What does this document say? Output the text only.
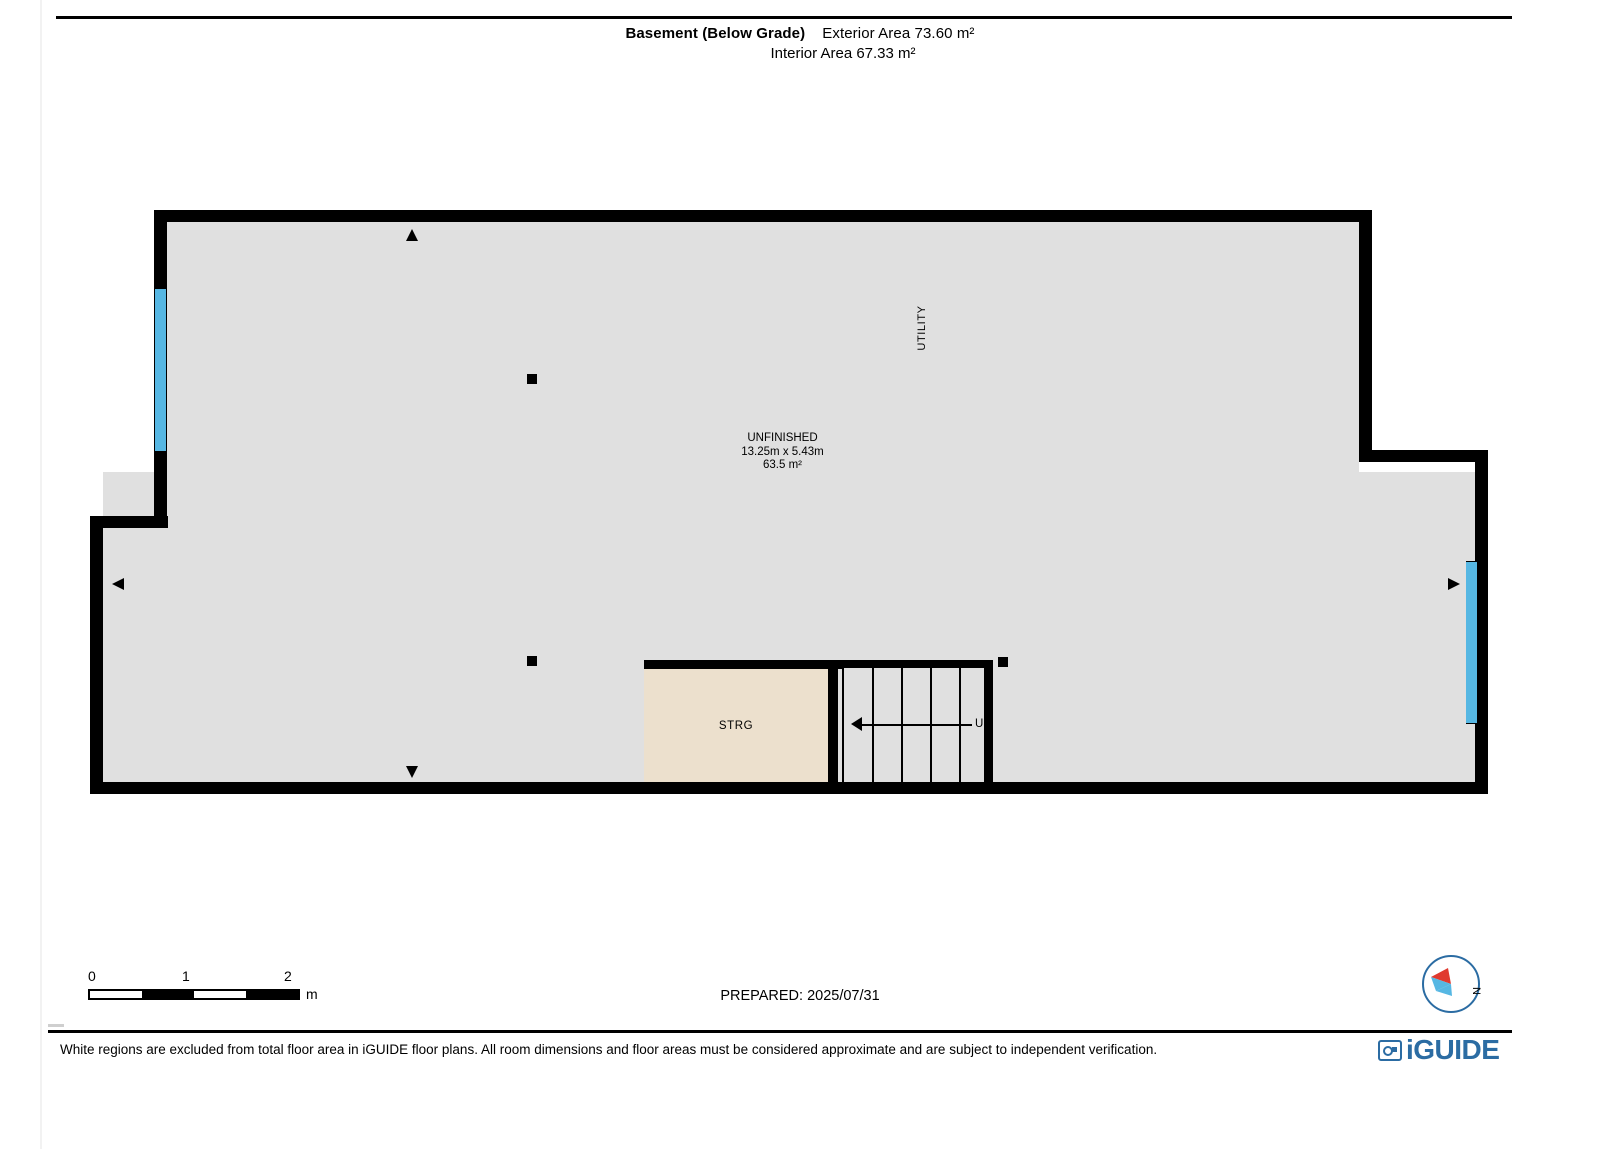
Basement (Below Grade) Exterior Area 73.60 m²
Interior Area 67.33 m²
UTILITY
UNFINISHED
13.25m x 5.43m
63.5 m²
STRG	UP
0	1	2
m	PREPARED: 2025/07/31	N
White regions are excluded from total floor area in iGUIDE floor plans. All room dimensions and floor areas must be considered approximate and are subject to independent verification.	iGUIDE
